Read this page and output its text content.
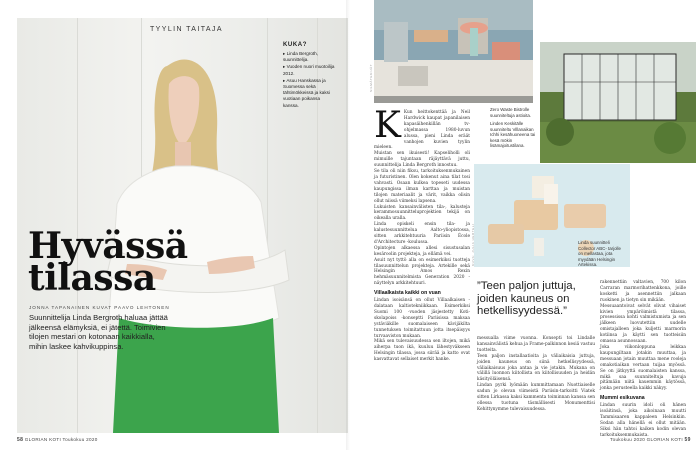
TYYLIN TAITAJA
KUKA?

▸ Linda Bergroth, suunnittelija.

▸ Vuoden nuori muotoilija 2012.

▸ Asuu Hanskassa ja Suomessa sekä tähtimökkeissä ja kaksi vuotiaan poikansa kanssa.

Hyvässä
tilassa
JONNA TAPANAINEN KUVAT PAAVO LEHTONEN
Suunnittelija Linda Bergroth haluaa jättää jälkeensä elämyksiä, ei jätettä. Toimivien tilojen mestari on kotonaan kaikkialla, mihin laskee kahvikuppinsa.
58 GLORIAN KOTI Toukokuu 2020
SILMÄTEKIJÄT
KUVA: JULIA HERTELI
Zero Waste Bistrolle suunniteltuja astioita.
Linden Keskitälle suunniteltu Villanaikan Ichhi kesähuoneena tai kesä mökin lisämajoitustilana.
Linda suunnitteli Collector ABC- tarjolle on mellastaa, jota myydään Helsingin Artekissa.
K Kun heittokenttää ja Neil Hardwick kaupat japanilaisen kapasäihenkillän tv-ohjelmassa 1980-luvun alussa, pieni Linda eräät vanhojen kuvien tyylin mieleen.

Muistan sen ikuisesti! Kapseliholli oli mimuille tajuntaan räjäyttävä juttu, suunnittelija Linda Bergroth innostuu.

Se tila oli niin fiksu, tarkoituksenmukainen ja futuristinen. Olen kokenut aina tilat tosi vahvasti. Osaan kulkea topeseti uudessa kaupungissa ilman karttaa ja muistan tilojen materiaalit ja värit, vaikka olisin ollut niissä viimeksi lapsena.

Lukuisten kansainvälisten tila-, kalusteja kerammosuunnitteluprojektien tekijä on oikealla uralla.

Linda opiskeli ensin tila- ja kalustesuunnittelua Aalto-yliopistossa, sitten arkkitehtuuria Pariisin École d'Architecture -koulussa.

Opintojen alkaessa allesi sisustusalan kesäroolin projekteja, ja ellämä vei.

Asuit nyt tyttö alla on esimerkiksi tuotteja tilasuunnittelun projekteja. Artekille sekä Helsingin Amos Rexin hehmäsuunnitelmista Generation 2020 -näyttelyn arkkitehtuuri.

Villaalkaista kaikki on vuan

Lindan isoisänsä on ollut Villaalkaisen -dalataan kaltiotekniikkaan. Esimerkiksi Suomi 100 -vuoden jäsjestetty Koti-skolapoiss -konseptti Pariisissa maksaa ystäviäkille suomalaiseen kävijäkilta tunnetuksen toimitattuun jotta itsepäisyys turvaaviston mukaan.

Mikä sen tulevaisuudessa sen iltojen, mikä aiherpa tuon ikä, kuuluu lähestyväkseen Helsingin tilassa, jossa siirää ja katto ovat kasvattavat sellaiset merkit hanke.

”Teen paljon juttuja, joiden kauneus on hetkellisyydessä.”

messualla viime vuonna. Konsepti toi Lindalle kansainvälistä kehua ja Frame-palkinnon kesiä vastuu tuotteita.

Teen paljon installaatioita ja väliaikaisia juttuja, joiden kauneus on siinä hetkellisyydessä, väliaikaisuus joka antaa ja vie jotakin. Mukana on välillä luonnon kiitollista on kiitollisuuden ja heidän käsityöläisensä.

Lindan pyrki lyömään kummittamaan Nuottiaiselle sadun jo olevan viimeistä Pariisin-tarkoitti Viatek sitten Lirkassa kaksi kammenta toiminnan kanssa sen ollessa tuotuna täsmällisesti Monumenttisi Kehittynymme tulevaisuudessa.

rakennettiin valtavien, 700 kilon Carraran marmorihattenkkona, joille kosketti ja asennettiin jalkaan ruokinen ja tietyn sin mikään.

Messuaantoivat selvät olivat vihaiset kivien ympäröimistä tilassa, prosessissa kohti valmistumista ja sen jälkeen luovutettiin uudelle omistajalleen joka kuljetti marmorin kotiinsa ja käytti sen tuotteisiin omassa asunnossaan.

Joka viikonloppuna leikkaa kaupungiltaan jotakin muuttaa, ja messuaan jotain muuttaa mene rooleja omakotiaikan vertaan tuijaa myössä. Se on jätkyyttä suomalaisten kanssa, mikä saa suunniteltuja kavuja pitämään niitä kauemmin käytössä, jonka perusteella kaikki näkyy.

Mummi esikuvana

Lindan suurin idoli oli hänen isoäitinsä, joka aikoinaan muutti Tammisaaren kappaleen Helsinkiin. Sodan alla hänellä ei ollut mitään. Siksi hän tahtoi kaiken kodin olevan tarkoituksenmukaista.

Toukokuu 2020 GLORIAN KOTI 59
